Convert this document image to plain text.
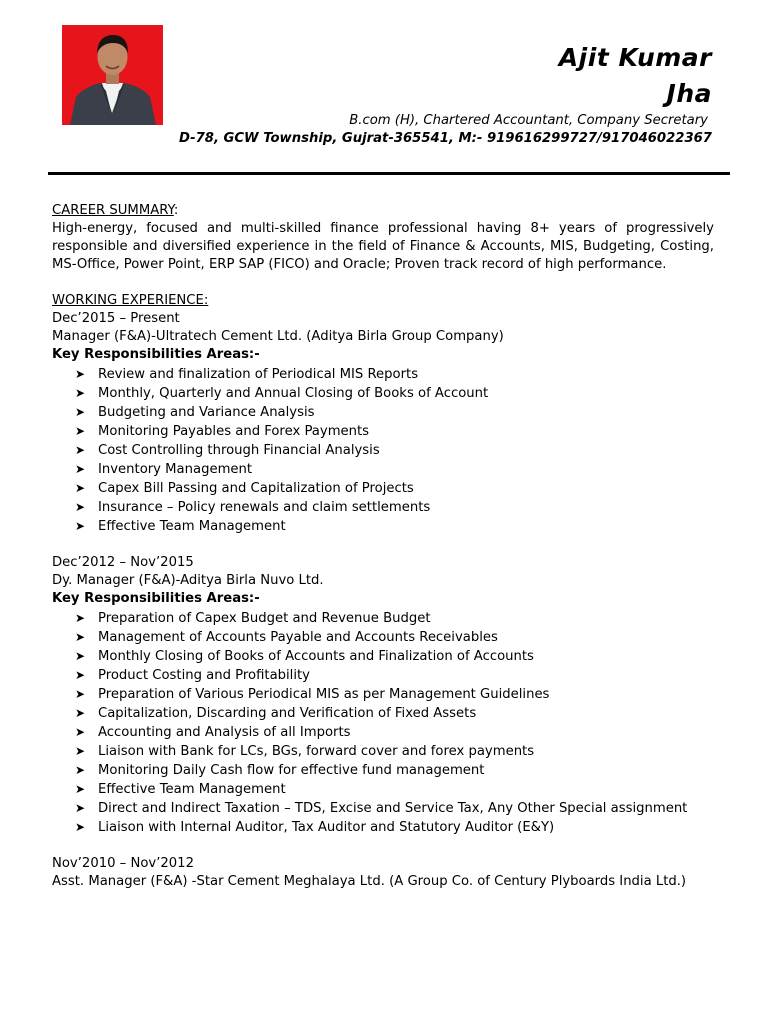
Ajit Kumar
Jha
B.com (H), Chartered Accountant, Company Secretary
D-78, GCW Township, Gujrat-365541, M:- 919616299727/917046022367

CAREER SUMMARY:

High-energy, focused and multi-skilled finance professional having 8+ years of progressively responsible and diversified experience in the field of Finance & Accounts, MIS, Budgeting, Costing, MS-Office, Power Point, ERP SAP (FICO) and Oracle; Proven track record of high performance.

WORKING EXPERIENCE:

Dec’2015 – Present

Manager (F&A)-Ultratech Cement Ltd. (Aditya Birla Group Company)

Key Responsibilities Areas:-

➤ Review and finalization of Periodical MIS Reports
➤ Monthly, Quarterly and Annual Closing of Books of Account
➤ Budgeting and Variance Analysis
➤ Monitoring Payables and Forex Payments
➤ Cost Controlling through Financial Analysis
➤ Inventory Management
➤ Capex Bill Passing and Capitalization of Projects
➤ Insurance – Policy renewals and claim settlements
➤ Effective Team Management

Dec’2012 – Nov’2015

Dy. Manager (F&A)-Aditya Birla Nuvo Ltd.

Key Responsibilities Areas:-

➤ Preparation of Capex Budget and Revenue Budget
➤ Management of Accounts Payable and Accounts Receivables
➤ Monthly Closing of Books of Accounts and Finalization of Accounts
➤ Product Costing and Profitability
➤ Preparation of Various Periodical MIS as per Management Guidelines
➤ Capitalization, Discarding and Verification of Fixed Assets
➤ Accounting and Analysis of all Imports
➤ Liaison with Bank for LCs, BGs, forward cover and forex payments
➤ Monitoring Daily Cash flow for effective fund management
➤ Effective Team Management
➤ Direct and Indirect Taxation – TDS, Excise and Service Tax, Any Other Special assignment
➤ Liaison with Internal Auditor, Tax Auditor and Statutory Auditor (E&Y)

Nov’2010 – Nov’2012

Asst. Manager (F&A) -Star Cement Meghalaya Ltd. (A Group Co. of Century Plyboards India Ltd.)
